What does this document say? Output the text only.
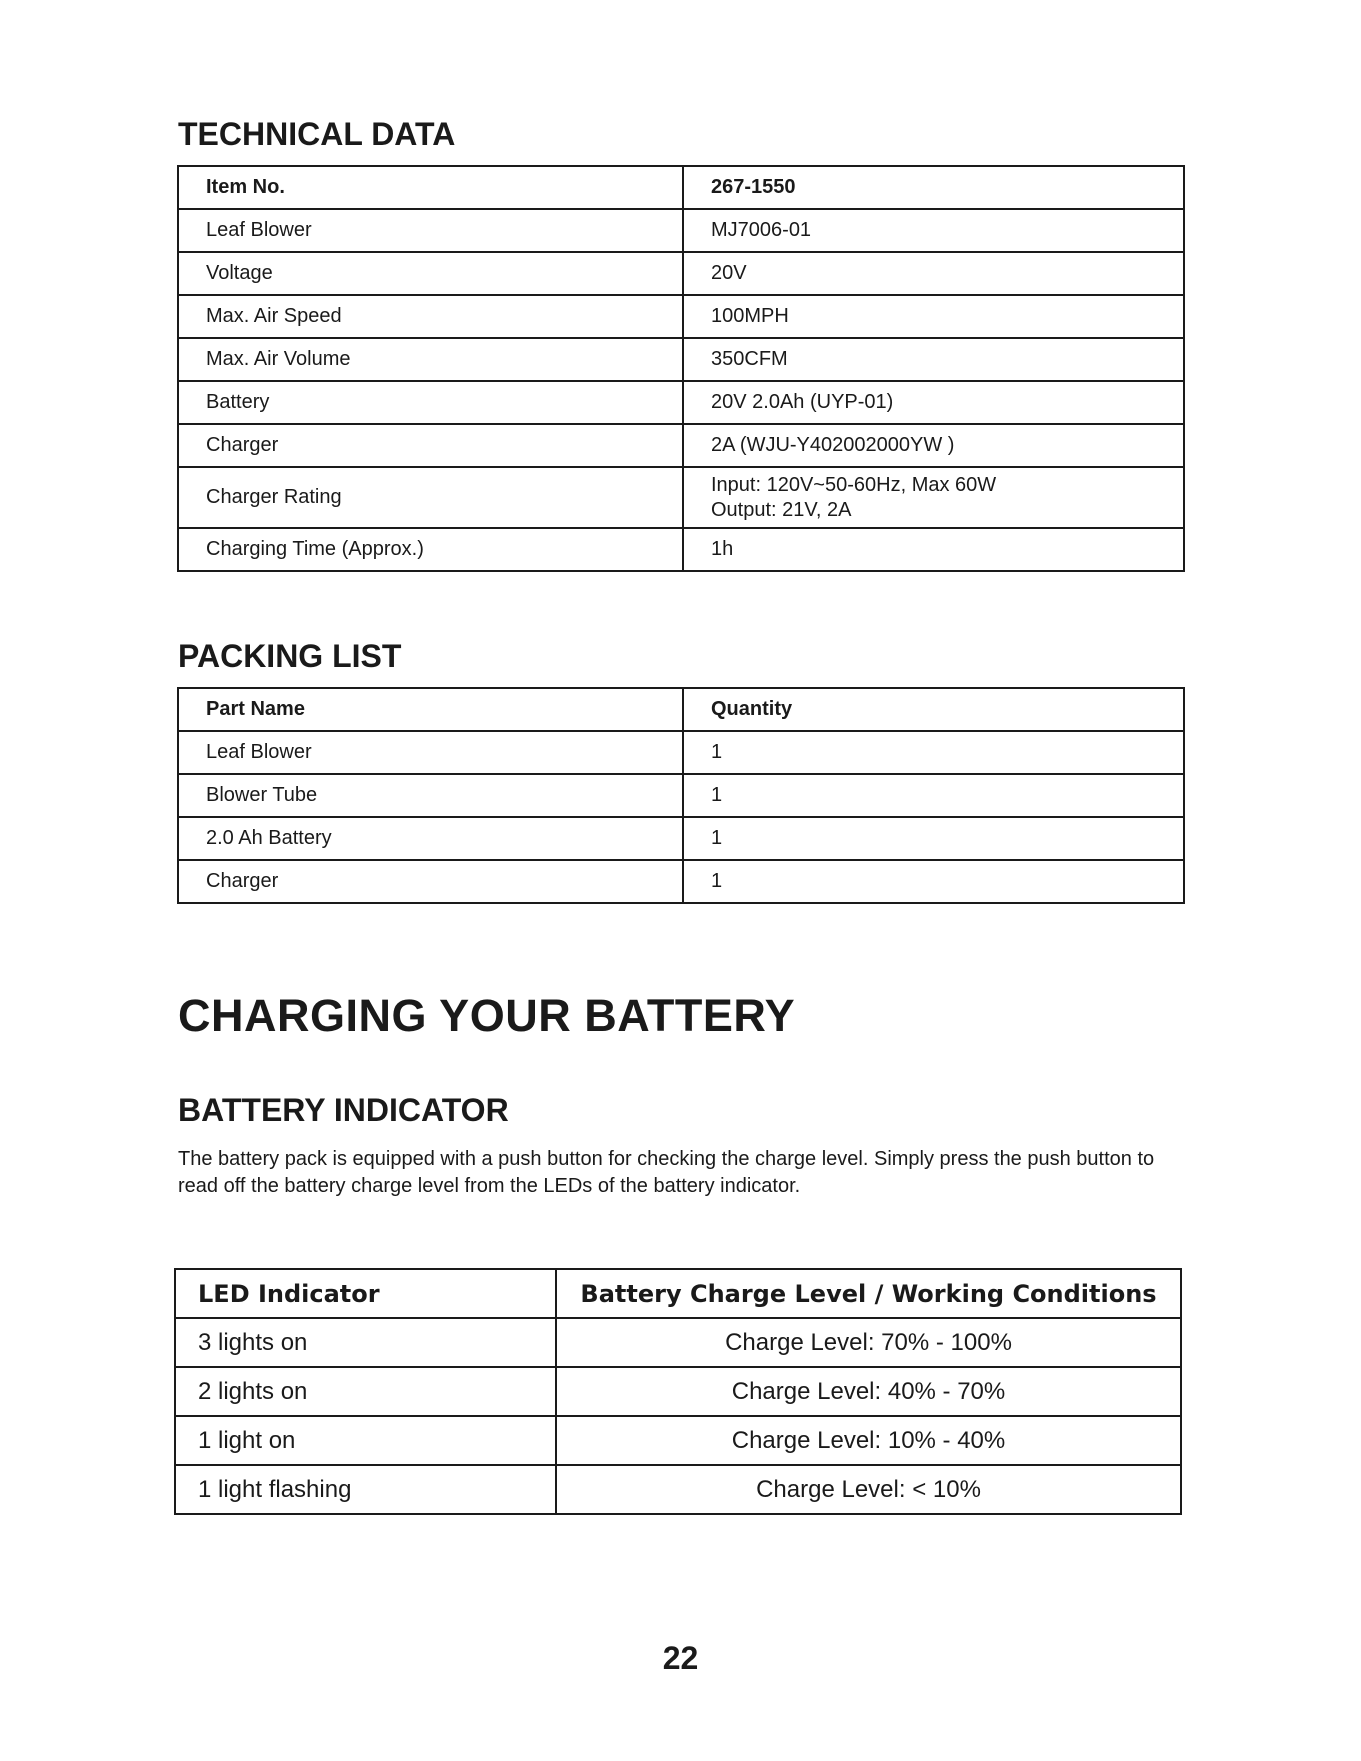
TECHNICAL DATA
Item No.	267-1550
Leaf Blower	MJ7006-01
Voltage	20V
Max. Air Speed	100MPH
Max. Air Volume	350CFM
Battery	20V 2.0Ah (UYP-01)
Charger	2A (WJU-Y402002000YW )
Charger Rating	Input: 120V~50-60Hz, Max 60W
Output: 21V, 2A

Charging Time (Approx.)	1h
PACKING LIST
Part Name	Quantity
Leaf Blower	1
Blower Tube	1
2.0 Ah Battery	1
Charger	1
CHARGING YOUR BATTERY
BATTERY INDICATOR

The battery pack is equipped with a push button for checking the charge level. Simply press the push button to read off the battery charge level from the LEDs of the battery indicator.

LED Indicator	Battery Charge Level / Working Conditions
3 lights on	Charge Level: 70% - 100%
2 lights on	Charge Level: 40% - 70%
1 light on	Charge Level: 10% - 40%
1 light flashing	Charge Level: < 10%
22
